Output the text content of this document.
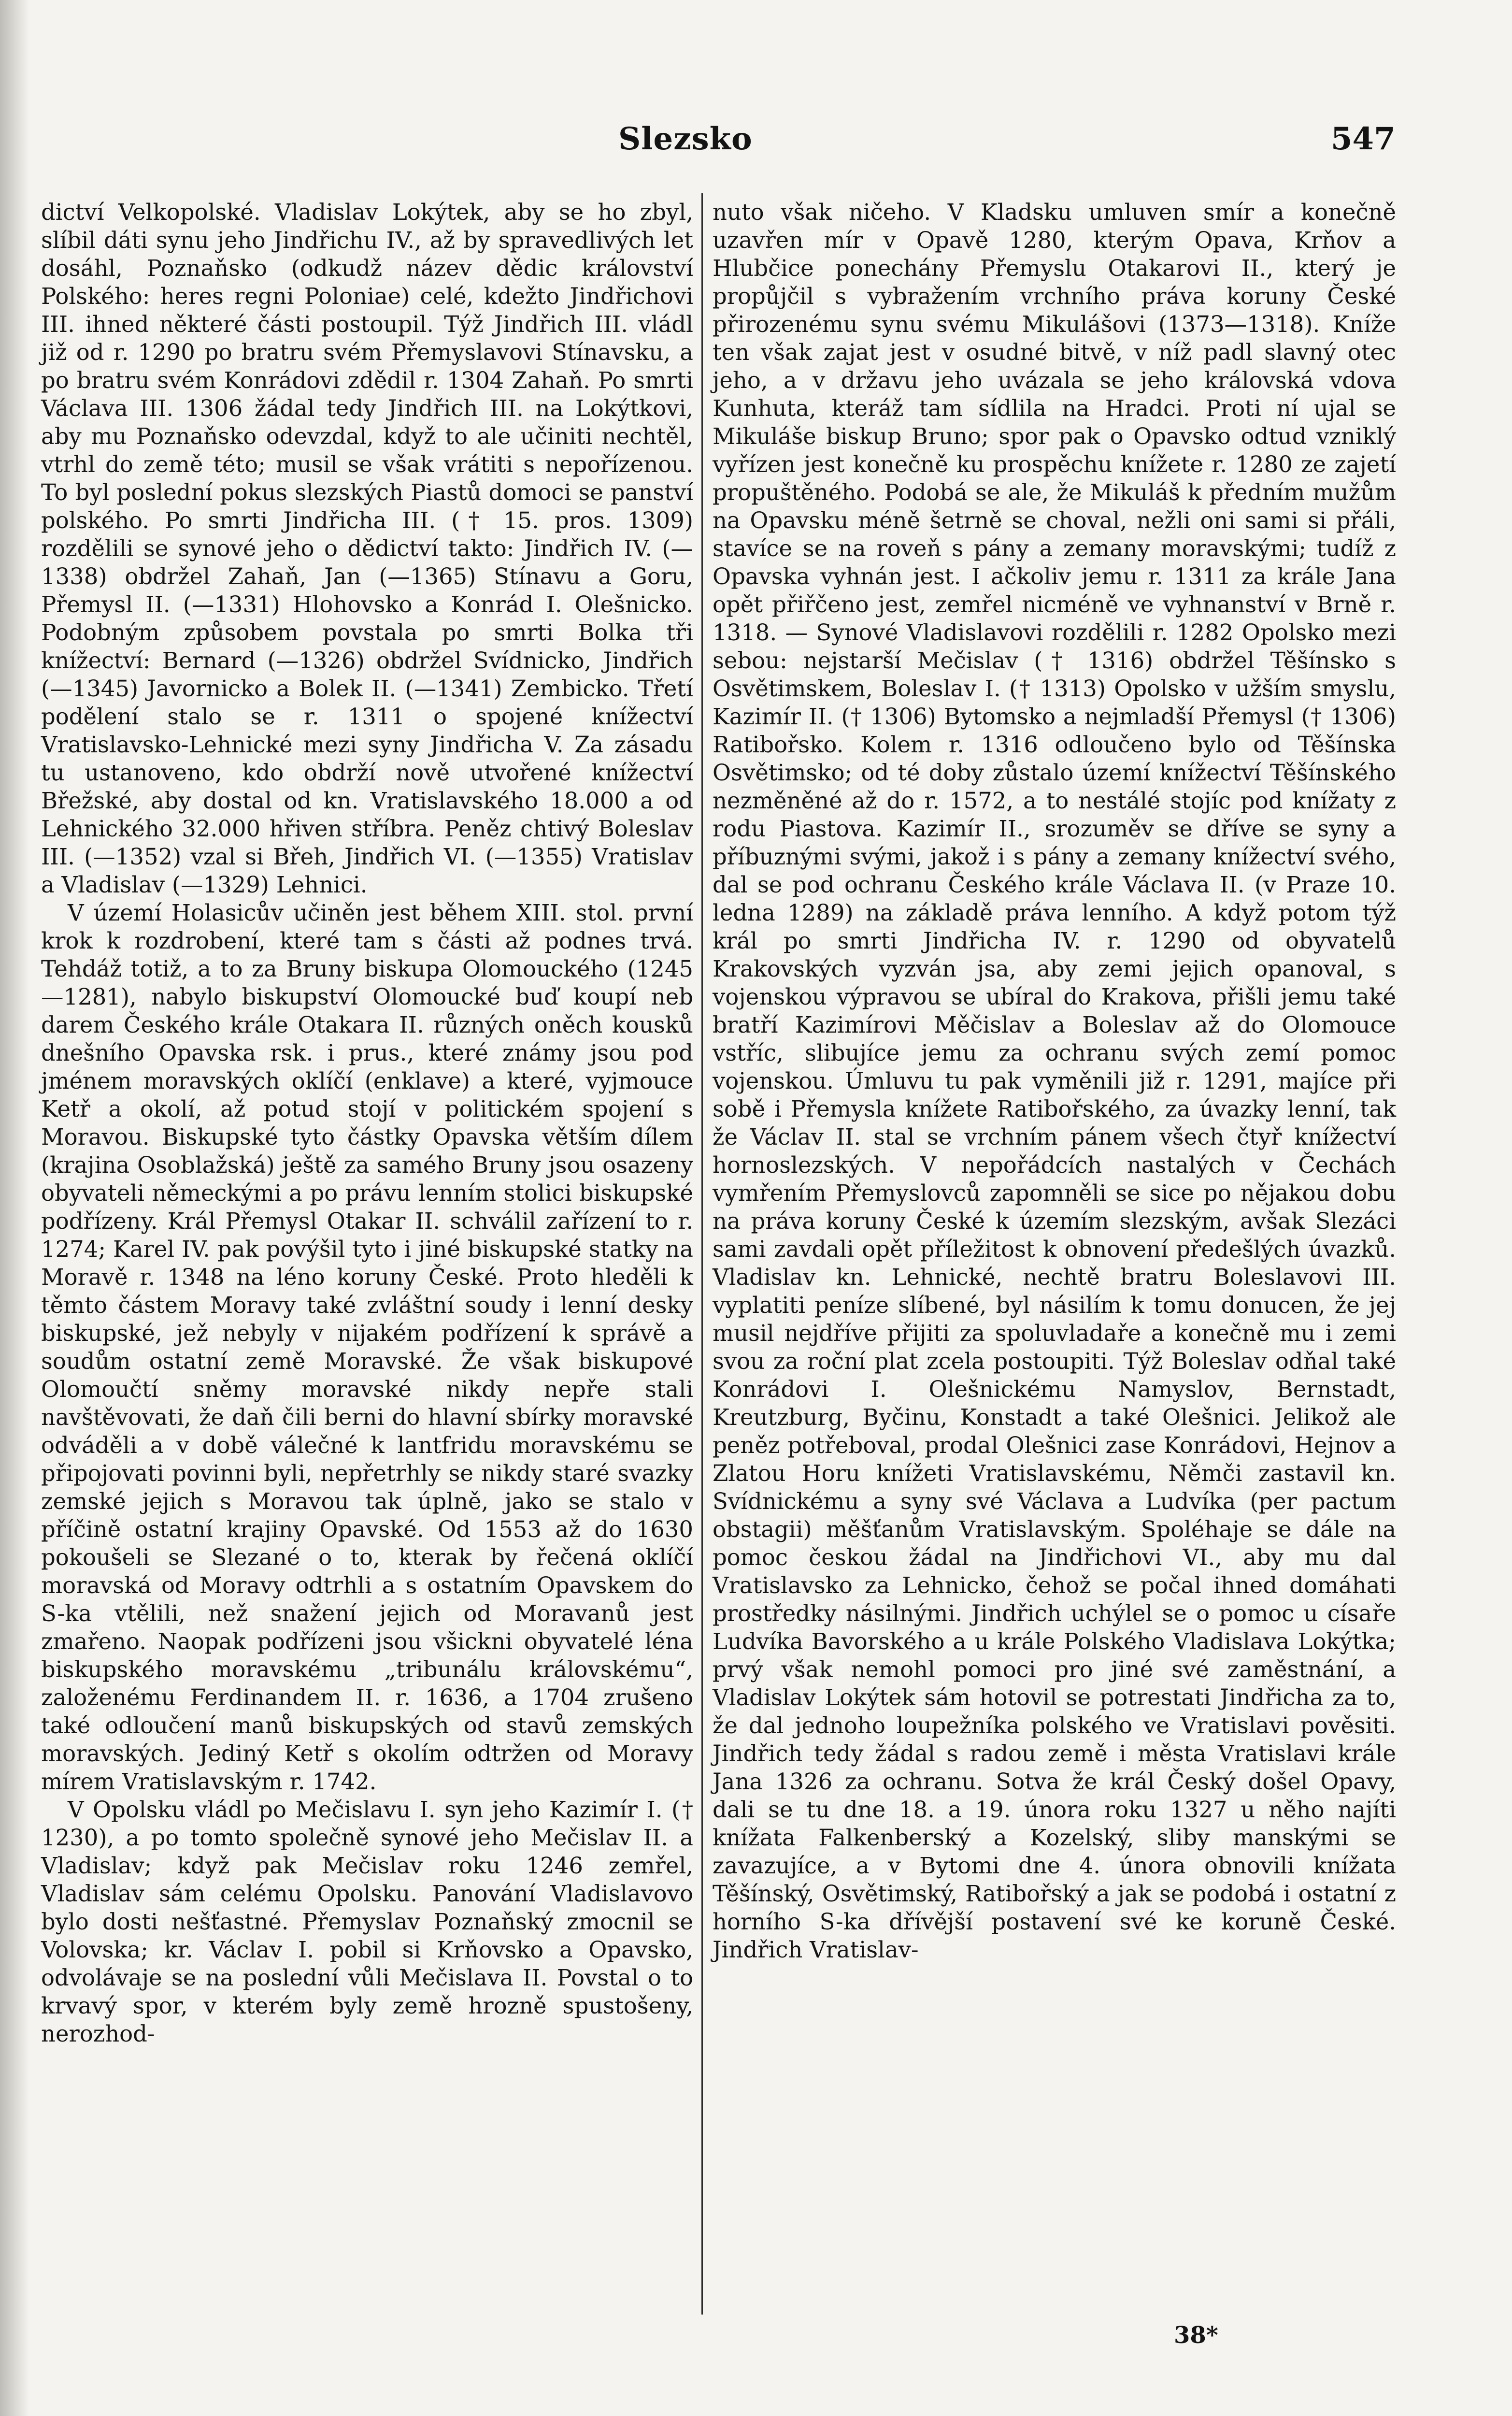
Slezsko	547

dictví Velkopolské. Vladislav Lokýtek, aby se ho zbyl, slíbil dáti synu jeho Jindřichu IV., až by spravedlivých let dosáhl, Poznaňsko (odkudž název dědic království Polského: heres regni Poloniae) celé, kdežto Jindřichovi III. ihned některé části postoupil. Týž Jindřich III. vládl již od r. 1290 po bratru svém Přemyslavovi Stínavsku, a po bratru svém Konrádovi zdědil r. 1304 Zahaň. Po smrti Václava III. 1306 žádal tedy Jindřich III. na Lokýtkovi, aby mu Poznaňsko odevzdal, když to ale učiniti nechtěl, vtrhl do země této; musil se však vrátiti s nepořízenou. To byl poslední pokus slezských Piastů domoci se panství polského. Po smrti Jindřicha III. († 15. pros. 1309) rozdělili se synové jeho o dědictví takto: Jindřich IV. (—1338) obdržel Zahaň, Jan (—1365) Stínavu a Goru, Přemysl II. (—1331) Hlohovsko a Konrád I. Olešnicko. Podobným způsobem povstala po smrti Bolka tři knížectví: Bernard (—1326) obdržel Svídnicko, Jindřich (—1345) Javornicko a Bolek II. (—1341) Zembicko. Třetí podělení stalo se r. 1311 o spojené knížectví Vratislavsko-Lehnické mezi syny Jindřicha V. Za zásadu tu ustanoveno, kdo obdrží nově utvořené knížectví Břežské, aby dostal od kn. Vratislavského 18.000 a od Lehnického 32.000 hřiven stříbra. Peněz chtivý Boleslav III. (—1352) vzal si Břeh, Jindřich VI. (—1355) Vratislav a Vladislav (—1329) Lehnici.

V území Holasicův učiněn jest během XIII. stol. první krok k rozdrobení, které tam s části až podnes trvá. Tehdáž totiž, a to za Bruny biskupa Olomouckého (1245—1281), nabylo biskupství Olomoucké buď koupí neb darem Českého krále Otakara II. různých oněch kousků dnešního Opavska rsk. i prus., které známy jsou pod jménem moravských oklíčí (enklave) a které, vyjmouce Ketř a okolí, až potud stojí v politickém spojení s Moravou. Biskupské tyto částky Opavska větším dílem (krajina Osoblažská) ještě za samého Bruny jsou osazeny obyvateli německými a po právu lenním stolici biskupské podřízeny. Král Přemysl Otakar II. schválil zařízení to r. 1274; Karel IV. pak povýšil tyto i jiné biskupské statky na Moravě r. 1348 na léno koruny České. Proto hleděli k těmto částem Moravy také zvláštní soudy i lenní desky biskupské, jež nebyly v nijakém podřízení k správě a soudům ostatní země Moravské. Že však biskupové Olomoučtí sněmy moravské nikdy nepře stali navštěvovati, že daň čili berni do hlavní sbírky moravské odváděli a v době válečné k lantfridu moravskému se připojovati povinni byli, nepřetrhly se nikdy staré svazky zemské jejich s Moravou tak úplně, jako se stalo v příčině ostatní krajiny Opavské. Od 1553 až do 1630 pokoušeli se Slezané o to, kterak by řečená oklíčí moravská od Moravy odtrhli a s ostatním Opavskem do S-ka vtělili, než snažení jejich od Moravanů jest zmařeno. Naopak podřízeni jsou všickni obyvatelé léna biskupského moravskému „tribunálu královskému“, založenému Ferdinandem II. r. 1636, a 1704 zrušeno také odloučení manů biskupských od stavů zemských moravských. Jediný Ketř s okolím odtržen od Moravy mírem Vratislavským r. 1742.

V Opolsku vládl po Mečislavu I. syn jeho Kazimír I. († 1230), a po tomto společně synové jeho Mečislav II. a Vladislav; když pak Mečislav roku 1246 zemřel, Vladislav sám celému Opolsku. Panování Vladislavovo bylo dosti nešťastné. Přemyslav Poznaňský zmocnil se Volovska; kr. Václav I. pobil si Krňovsko a Opavsko, odvolávaje se na poslední vůli Mečislava II. Povstal o to krvavý spor, v kterém byly země hrozně spustošeny, nerozhod-

nuto však ničeho. V Kladsku umluven smír a konečně uzavřen mír v Opavě 1280, kterým Opava, Krňov a Hlubčice ponechány Přemyslu Otakarovi II., který je propůjčil s vybražením vrchního práva koruny České přirozenému synu svému Mikulášovi (1373—1318). Kníže ten však zajat jest v osudné bitvě, v níž padl slavný otec jeho, a v državu jeho uvázala se jeho královská vdova Kunhuta, kteráž tam sídlila na Hradci. Proti ní ujal se Mikuláše biskup Bruno; spor pak o Opavsko odtud vzniklý vyřízen jest konečně ku prospěchu knížete r. 1280 ze zajetí propuštěného. Podobá se ale, že Mikuláš k předním mužům na Opavsku méně šetrně se choval, nežli oni sami si přáli, stavíce se na roveň s pány a zemany moravskými; tudíž z Opavska vyhnán jest. I ačkoliv jemu r. 1311 za krále Jana opět přiřčeno jest, zemřel nicméně ve vyhnanství v Brně r. 1318. — Synové Vladislavovi rozdělili r. 1282 Opolsko mezi sebou: nejstarší Mečislav († 1316) obdržel Těšínsko s Osvětimskem, Boleslav I. († 1313) Opolsko v užším smyslu, Kazimír II. († 1306) Bytomsko a nejmladší Přemysl († 1306) Ratibořsko. Kolem r. 1316 odloučeno bylo od Těšínska Osvětimsko; od té doby zůstalo území knížectví Těšínského nezměněné až do r. 1572, a to nestálé stojíc pod knížaty z rodu Piastova. Kazimír II., srozuměv se dříve se syny a příbuznými svými, jakož i s pány a zemany knížectví svého, dal se pod ochranu Českého krále Václava II. (v Praze 10. ledna 1289) na základě práva lenního. A když potom týž král po smrti Jindřicha IV. r. 1290 od obyvatelů Krakovských vyzván jsa, aby zemi jejich opanoval, s vojenskou výpravou se ubíral do Krakova, přišli jemu také bratří Kazimírovi Měčislav a Boleslav až do Olomouce vstříc, slibujíce jemu za ochranu svých zemí pomoc vojenskou. Úmluvu tu pak vyměnili již r. 1291, majíce při sobě i Přemysla knížete Ratibořského, za úvazky lenní, tak že Václav II. stal se vrchním pánem všech čtyř knížectví hornoslezských. V nepořádcích nastalých v Čechách vymřením Přemyslovců zapomněli se sice po nějakou dobu na práva koruny České k územím slezským, avšak Slezáci sami zavdali opět příležitost k obnovení předešlých úvazků. Vladislav kn. Lehnické, nechtě bratru Boleslavovi III. vyplatiti peníze slíbené, byl násilím k tomu donucen, že jej musil nejdříve přijiti za spoluvladaře a konečně mu i zemi svou za roční plat zcela postoupiti. Týž Boleslav odňal také Konrádovi I. Olešnickému Namyslov, Bernstadt, Kreutzburg, Byčinu, Konstadt a také Olešnici. Jelikož ale peněz potřeboval, prodal Olešnici zase Konrádovi, Hejnov a Zlatou Horu knížeti Vratislavskému, Němči zastavil kn. Svídnickému a syny své Václava a Ludvíka (per pactum obstagii) měšťanům Vratislavským. Spoléhaje se dále na pomoc českou žádal na Jindřichovi VI., aby mu dal Vratislavsko za Lehnicko, čehož se počal ihned domáhati prostředky násilnými. Jindřich uchýlel se o pomoc u císaře Ludvíka Bavorského a u krále Polského Vladislava Lokýtka; prvý však nemohl pomoci pro jiné své zaměstnání, a Vladislav Lokýtek sám hotovil se potrestati Jindřicha za to, že dal jednoho loupežníka polského ve Vratislavi pověsiti. Jindřich tedy žádal s radou země i města Vratislavi krále Jana 1326 za ochranu. Sotva že král Český došel Opavy, dali se tu dne 18. a 19. února roku 1327 u něho najíti knížata Falkenberský a Kozelský, sliby manskými se zavazujíce, a v Bytomi dne 4. února obnovili knížata Těšínský, Osvětimský, Ratibořský a jak se podobá i ostatní z horního S-ka dřívější postavení své ke koruně České. Jindřich Vratislav-

38*
